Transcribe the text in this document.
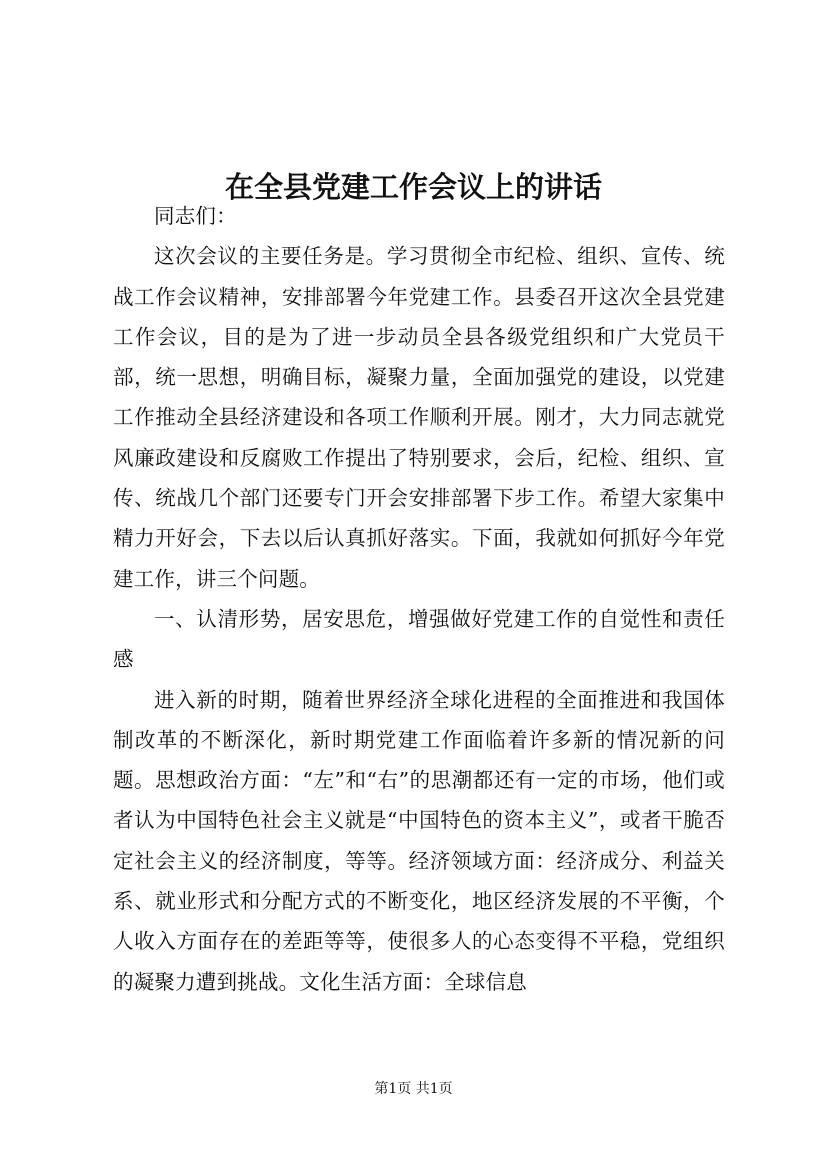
在全县党建工作会议上的讲话

同志们：

这次会议的主要任务是。学习贯彻全市纪检、组织、宣传、统战工作会议精神，安排部署今年党建工作。县委召开这次全县党建工作会议，目的是为了进一步动员全县各级党组织和广大党员干部，统一思想，明确目标，凝聚力量，全面加强党的建设，以党建工作推动全县经济建设和各项工作顺利开展。刚才，大力同志就党风廉政建设和反腐败工作提出了特别要求，会后，纪检、组织、宣传、统战几个部门还要专门开会安排部署下步工作。希望大家集中精力开好会，下去以后认真抓好落实。下面，我就如何抓好今年党建工作，讲三个问题。

一、认清形势，居安思危，增强做好党建工作的自觉性和责任感

进入新的时期，随着世界经济全球化进程的全面推进和我国体制改革的不断深化，新时期党建工作面临着许多新的情况新的问题。思想政治方面：“左”和“右”的思潮都还有一定的市场，他们或者认为中国特色社会主义就是“中国特色的资本主义”，或者干脆否定社会主义的经济制度，等等。经济领域方面：经济成分、利益关系、就业形式和分配方式的不断变化，地区经济发展的不平衡，个人收入方面存在的差距等等，使很多人的心态变得不平稳，党组织的凝聚力遭到挑战。文化生活方面：全球信息

第1页 共1页
